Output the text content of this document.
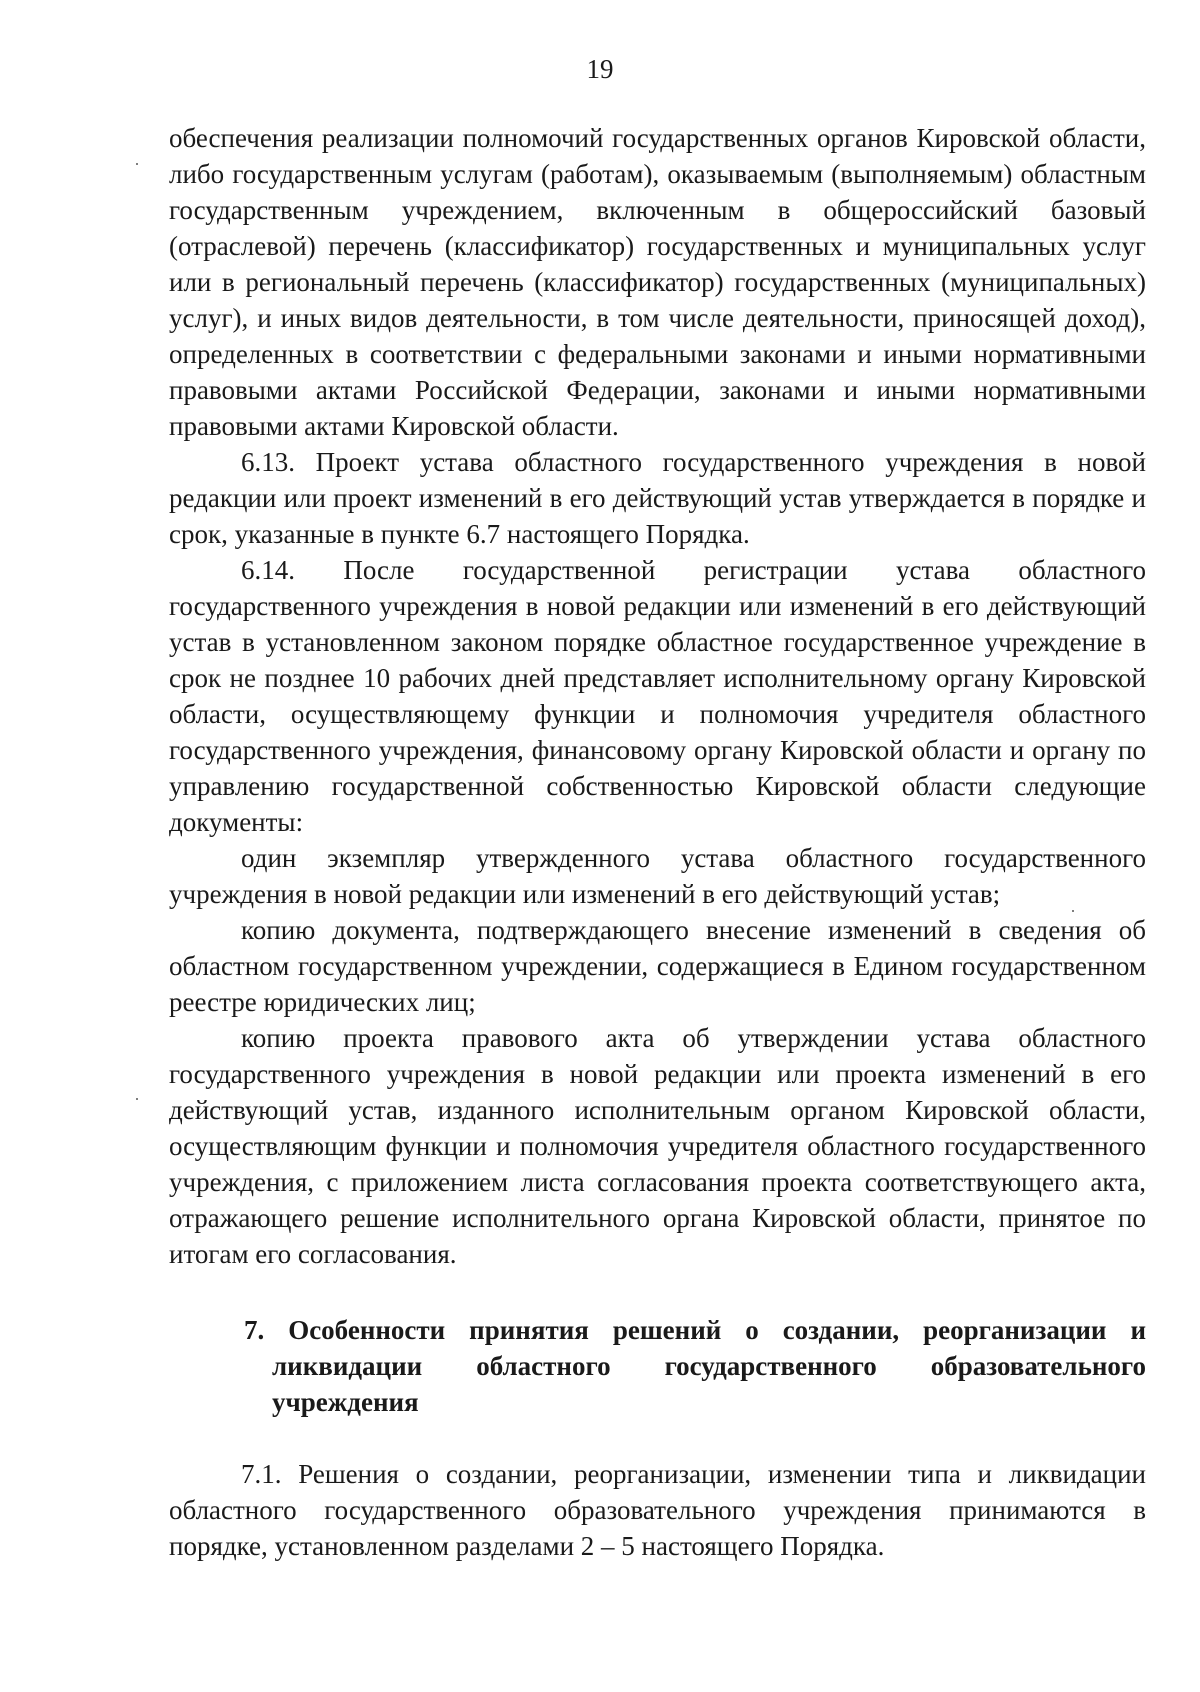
19

обеспечения реализации полномочий государственных органов Кировской области, либо государственным услугам (работам), оказываемым (выполняемым) областным государственным учреждением, включенным в общероссийский базовый (отраслевой) перечень (классификатор) государственных и муниципальных услуг или в региональный перечень (классификатор) государственных (муниципальных) услуг), и иных видов деятельности, в том числе деятельности, приносящей доход), определенных в соответствии с федеральными законами и иными нормативными правовыми актами Российской Федерации, законами и иными нормативными правовыми актами Кировской области.

6.13. Проект устава областного государственного учреждения в новой редакции или проект изменений в его действующий устав утверждается в порядке и срок, указанные в пункте 6.7 настоящего Порядка.

6.14. После государственной регистрации устава областного государственного учреждения в новой редакции или изменений в его действующий устав в установленном законом порядке областное государственное учреждение в срок не позднее 10 рабочих дней представляет исполнительному органу Кировской области, осуществляющему функции и полномочия учредителя областного государственного учреждения, финансовому органу Кировской области и органу по управлению государственной собственностью Кировской области следующие документы:

один экземпляр утвержденного устава областного государственного учреждения в новой редакции или изменений в его действующий устав;

копию документа, подтверждающего внесение изменений в сведения об областном государственном учреждении, содержащиеся в Едином государственном реестре юридических лиц;

копию проекта правового акта об утверждении устава областного государственного учреждения в новой редакции или проекта изменений в его действующий устав, изданного исполнительным органом Кировской области, осуществляющим функции и полномочия учредителя областного государственного учреждения, с приложением листа согласования проекта соответствующего акта, отражающего решение исполнительного органа Кировской области, принятое по итогам его согласования.

7. Особенности принятия решений о создании, реорганизации и ликвидации областного государственного образовательного учреждения

7.1. Решения о создании, реорганизации, изменении типа и ликвидации областного государственного образовательного учреждения принимаются в порядке, установленном разделами 2 – 5 настоящего Порядка.
